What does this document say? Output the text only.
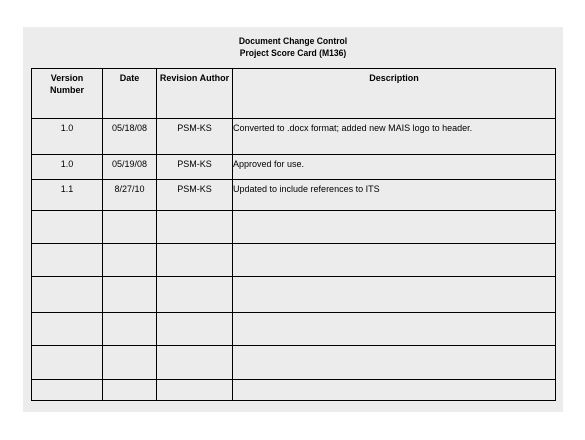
Document Change Control
Project Score Card (M136)
Version
Number	Date	Revision Author	Description
1.0	05/18/08	PSM-KS	Converted to .docx format; added new MAIS logo to header.
1.0	05/19/08	PSM-KS	Approved for use.
1.1	8/27/10	PSM-KS	Updated to include references to ITS
